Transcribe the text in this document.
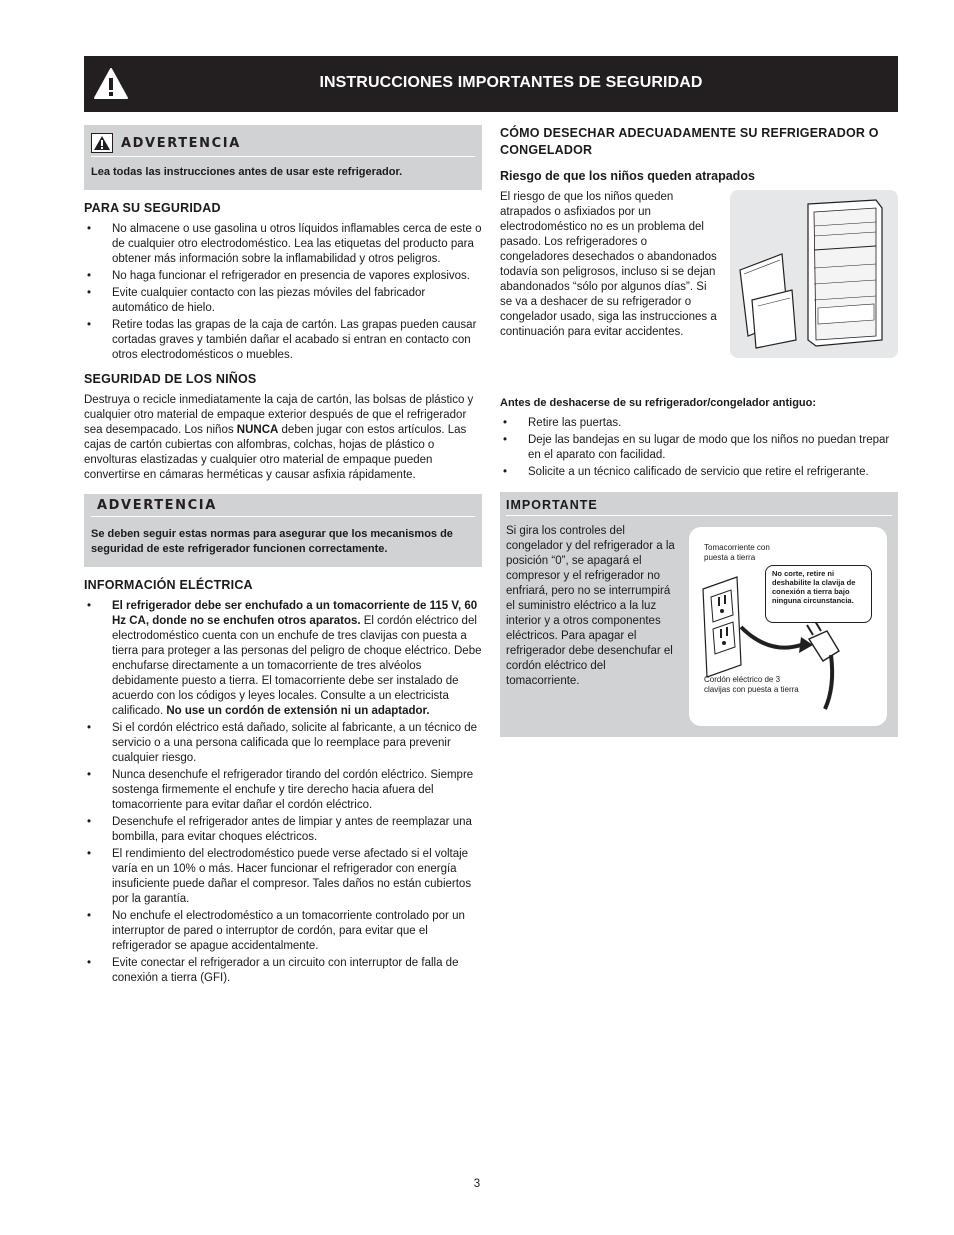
INSTRUCCIONES IMPORTANTES DE SEGURIDAD
ADVERTENCIA

Lea todas las instrucciones antes de usar este refrigerador.

PARA SU SEGURIDAD
• No almacene o use gasolina u otros líquidos inflamables cerca de este o de cualquier otro electrodoméstico. Lea las etiquetas del producto para obtener más información sobre la inflamabilidad y otros peligros.
• No haga funcionar el refrigerador en presencia de vapores explosivos.
• Evite cualquier contacto con las piezas móviles del fabricador automático de hielo.
• Retire todas las grapas de la caja de cartón. Las grapas pueden causar cortadas graves y también dañar el acabado si entran en contacto con otros electrodomésticos o muebles.
SEGURIDAD DE LOS NIÑOS

Destruya o recicle inmediatamente la caja de cartón, las bolsas de plástico y cualquier otro material de empaque exterior después de que el refrigerador sea desempacado. Los niños NUNCA deben jugar con estos artículos. Las cajas de cartón cubiertas con alfombras, colchas, hojas de plástico o envolturas elastizadas y cualquier otro material de empaque pueden convertirse en cámaras herméticas y causar asfixia rápidamente.

ADVERTENCIA

Se deben seguir estas normas para asegurar que los mecanismos de seguridad de este refrigerador funcionen correctamente.

INFORMACIÓN ELÉCTRICA
• El refrigerador debe ser enchufado a un tomacorriente de 115 V, 60 Hz CA, donde no se enchufen otros aparatos. El cordón eléctrico del electrodoméstico cuenta con un enchufe de tres clavijas con puesta a tierra para proteger a las personas del peligro de choque eléctrico. Debe enchufarse directamente a un tomacorriente de tres alvéolos debidamente puesto a tierra. El tomacorriente debe ser instalado de acuerdo con los códigos y leyes locales. Consulte a un electricista calificado. No use un cordón de extensión ni un adaptador.
• Si el cordón eléctrico está dañado, solicite al fabricante, a un técnico de servicio o a una persona calificada que lo reemplace para prevenir cualquier riesgo.
• Nunca desenchufe el refrigerador tirando del cordón eléctrico. Siempre sostenga firmemente el enchufe y tire derecho hacia afuera del tomacorriente para evitar dañar el cordón eléctrico.
• Desenchufe el refrigerador antes de limpiar y antes de reemplazar una bombilla, para evitar choques eléctricos.
• El rendimiento del electrodoméstico puede verse afectado si el voltaje varía en un 10% o más. Hacer funcionar el refrigerador con energía insuficiente puede dañar el compresor. Tales daños no están cubiertos por la garantía.
• No enchufe el electrodoméstico a un tomacorriente controlado por un interruptor de pared o interruptor de cordón, para evitar que el refrigerador se apague accidentalmente.
• Evite conectar el refrigerador a un circuito con interruptor de falla de conexión a tierra (GFI).
CÓMO DESECHAR ADECUADAMENTE SU REFRIGERADOR O CONGELADOR
Riesgo de que los niños queden atrapados

El riesgo de que los niños queden atrapados o asfixiados por un electrodoméstico no es un problema del pasado. Los refrigeradores o congeladores desechados o abandonados todavía son peligrosos, incluso si se dejan abandonados “sólo por algunos días”. Si se va a deshacer de su refrigerador o congelador usado, siga las instrucciones a continuación para evitar accidentes.

Antes de deshacerse de su refrigerador/congelador antiguo:

• Retire las puertas.
• Deje las bandejas en su lugar de modo que los niños no puedan trepar en el aparato con facilidad.
• Solicite a un técnico calificado de servicio que retire el refrigerante.
IMPORTANTE

Si gira los controles del congelador y del refrigerador a la posición “0”, se apagará el compresor y el refrigerador no enfriará, pero no se interrumpirá el suministro eléctrico a la luz interior y a otros componentes eléctricos. Para apagar el refrigerador debe desenchufar el cordón eléctrico del tomacorriente.

Tomacorriente con puesta a tierra
No corte, retire ni deshabilite la clavija de conexión a tierra bajo ninguna circunstancia.
Cordón eléctrico de 3 clavijas con puesta a tierra
3
